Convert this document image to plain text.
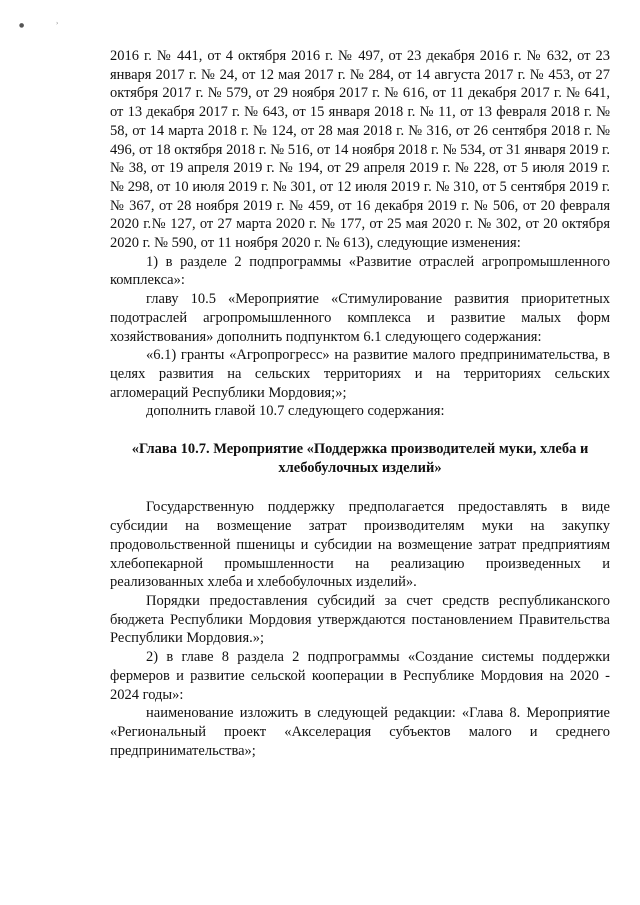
●	›

2016 г. № 441, от 4 октября 2016 г. № 497, от 23 декабря 2016 г. № 632, от 23 января 2017 г. № 24, от 12 мая 2017 г. № 284, от 14 августа 2017 г. № 453, от 27 октября 2017 г. № 579, от 29 ноября 2017 г. № 616, от 11 декабря 2017 г. № 641, от 13 декабря 2017 г. № 643, от 15 января 2018 г. № 11, от 13 февраля 2018 г. № 58, от 14 марта 2018 г. № 124, от 28 мая 2018 г. № 316, от 26 сентября 2018 г. № 496, от 18 октября 2018 г. № 516, от 14 ноября 2018 г. № 534, от 31 января 2019 г. № 38, от 19 апреля 2019 г. № 194, от 29 апреля 2019 г. № 228, от 5 июля 2019 г. № 298, от 10 июля 2019 г. № 301, от 12 июля 2019 г. № 310, от 5 сентября 2019 г. № 367, от 28 ноября 2019 г. № 459, от 16 декабря 2019 г. № 506, от 20 февраля 2020 г.№ 127, от 27 марта 2020 г. № 177, от 25 мая 2020 г. № 302, от 20 октября 2020 г. № 590, от 11 ноября 2020 г. № 613), следующие изменения:

1) в разделе 2 подпрограммы «Развитие отраслей агропромышленного комплекса»:

главу 10.5 «Мероприятие «Стимулирование развития приоритетных подотраслей агропромышленного комплекса и развитие малых форм хозяйствования» дополнить подпунктом 6.1 следующего содержания:

«6.1) гранты «Агропрогресс» на развитие малого предпринимательства, в целях развития на сельских территориях и на территориях сельских агломераций Республики Мордовия;»;

дополнить главой 10.7 следующего содержания:

«Глава 10.7. Мероприятие «Поддержка производителей муки, хлеба и хлебобулочных изделий»

Государственную поддержку предполагается предоставлять в виде субсидии на возмещение затрат производителям муки на закупку продовольственной пшеницы и субсидии на возмещение затрат предприятиям хлебопекарной промышленности на реализацию произведенных и реализованных хлеба и хлебобулочных изделий».

Порядки предоставления субсидий за счет средств республиканского бюджета Республики Мордовия утверждаются постановлением Правительства Республики Мордовия.»;

2) в главе 8 раздела 2 подпрограммы «Создание системы поддержки фермеров и развитие сельской кооперации в Республике Мордовия на 2020 - 2024 годы»:

наименование изложить в следующей редакции: «Глава 8. Мероприятие «Региональный проект «Акселерация субъектов малого и среднего предпринимательства»;
